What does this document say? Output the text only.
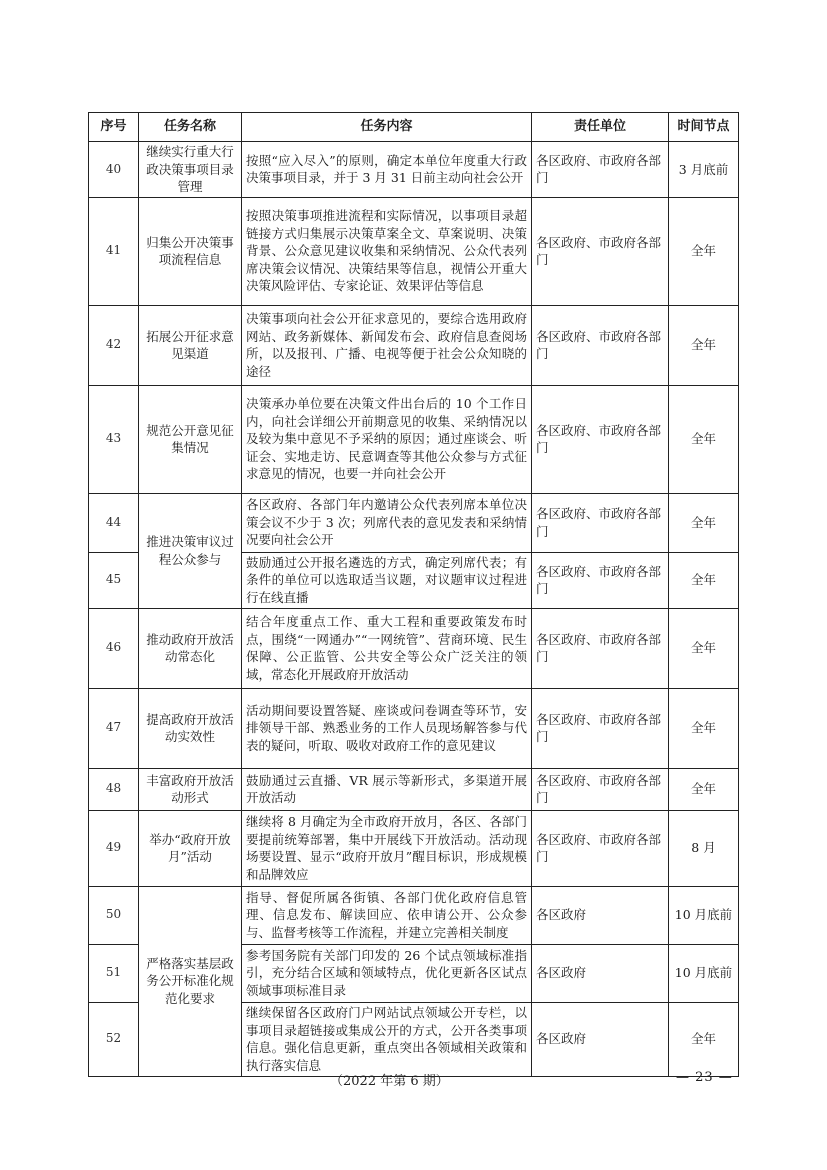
序号	任务名称	任务内容	责任单位	时间节点
40	继续实行重大行政决策事项目录管理	按照“应入尽入”的原则，确定本单位年度重大行政决策事项目录，并于 3 月 31 日前主动向社会公开	各区政府、市政府各部门	3 月底前
41	归集公开决策事项流程信息	按照决策事项推进流程和实际情况，以事项目录超链接方式归集展示决策草案全文、草案说明、决策背景、公众意见建议收集和采纳情况、公众代表列席决策会议情况、决策结果等信息，视情公开重大决策风险评估、专家论证、效果评估等信息	各区政府、市政府各部门	全年
42	拓展公开征求意见渠道	决策事项向社会公开征求意见的，要综合选用政府网站、政务新媒体、新闻发布会、政府信息查阅场所，以及报刊、广播、电视等便于社会公众知晓的途径	各区政府、市政府各部门	全年
43	规范公开意见征集情况	决策承办单位要在决策文件出台后的 10 个工作日内，向社会详细公开前期意见的收集、采纳情况以及较为集中意见不予采纳的原因；通过座谈会、听证会、实地走访、民意调查等其他公众参与方式征求意见的情况，也要一并向社会公开	各区政府、市政府各部门	全年
44	推进决策审议过程公众参与	各区政府、各部门年内邀请公众代表列席本单位决策会议不少于 3 次；列席代表的意见发表和采纳情况要向社会公开	各区政府、市政府各部门	全年
45		鼓励通过公开报名遴选的方式，确定列席代表；有条件的单位可以选取适当议题，对议题审议过程进行在线直播	各区政府、市政府各部门	全年
46	推动政府开放活动常态化	结合年度重点工作、重大工程和重要政策发布时点，围绕“一网通办”“一网统管”、营商环境、民生保障、公正监管、公共安全等公众广泛关注的领域，常态化开展政府开放活动	各区政府、市政府各部门	全年
47	提高政府开放活动实效性	活动期间要设置答疑、座谈或问卷调查等环节，安排领导干部、熟悉业务的工作人员现场解答参与代表的疑问，听取、吸收对政府工作的意见建议	各区政府、市政府各部门	全年
48	丰富政府开放活动形式	鼓励通过云直播、VR 展示等新形式，多渠道开展开放活动	各区政府、市政府各部门	全年
49	举办“政府开放月”活动	继续将 8 月确定为全市政府开放月，各区、各部门要提前统筹部署，集中开展线下开放活动。活动现场要设置、显示“政府开放月”醒目标识，形成规模和品牌效应	各区政府、市政府各部门	8 月
50	严格落实基层政务公开标准化规范化要求	指导、督促所属各街镇、各部门优化政府信息管理、信息发布、解读回应、依申请公开、公众参与、监督考核等工作流程，并建立完善相关制度	各区政府	10 月底前
51		参考国务院有关部门印发的 26 个试点领域标准指引，充分结合区域和领域特点，优化更新各区试点领域事项标准目录	各区政府	10 月底前
52		继续保留各区政府门户网站试点领域公开专栏，以事项目录超链接或集成公开的方式，公开各类事项信息。强化信息更新，重点突出各领域相关政策和执行落实信息	各区政府	全年
（2022 年第 6 期）	— 23 —
